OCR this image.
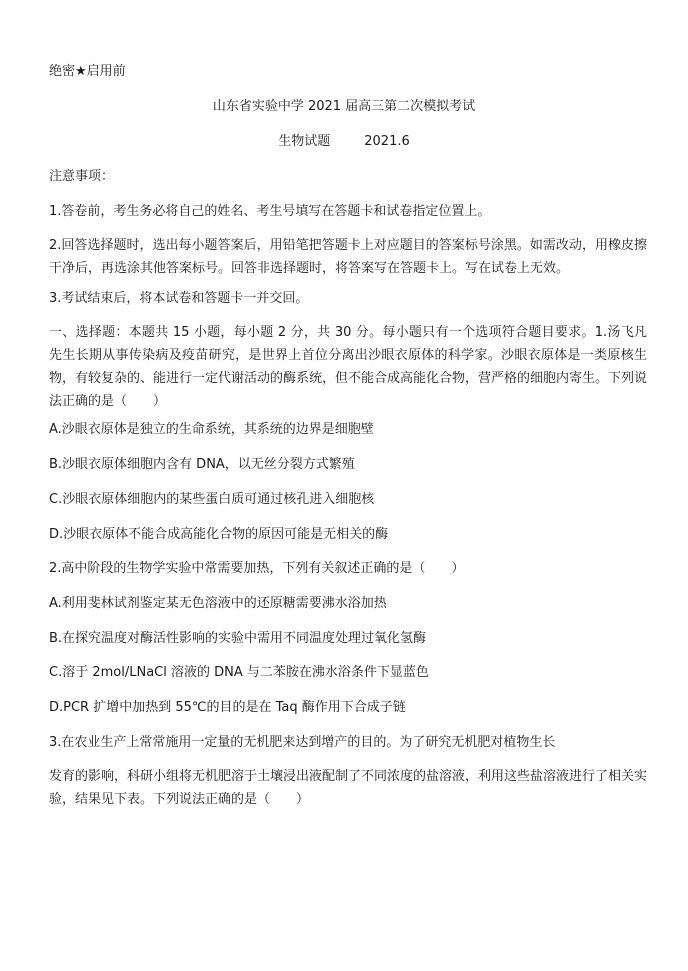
绝密★启用前
山东省实验中学 2021 届高三第二次模拟考试
生物试题	2021.6
注意事项：
1.答卷前，考生务必将自己的姓名、考生号填写在答题卡和试卷指定位置上。
2.回答选择题时，选出每小题答案后，用铅笔把答题卡上对应题目的答案标号涂黑。如需改动，用橡皮擦干净后，再选涂其他答案标号。回答非选择题时，将答案写在答题卡上。写在试卷上无效。
3.考试结束后，将本试卷和答题卡一并交回。
一、选择题：本题共 15 小题，每小题 2 分，共 30 分。每小题只有一个选项符合题目要求。1.汤飞凡先生长期从事传染病及疫苗研究，是世界上首位分离出沙眼衣原体的科学家。沙眼衣原体是一类原核生物，有较复杂的、能进行一定代谢活动的酶系统，但不能合成高能化合物，营严格的细胞内寄生。下列说法正确的是（　　）
A.沙眼衣原体是独立的生命系统，其系统的边界是细胞壁
B.沙眼衣原体细胞内含有 DNA，以无丝分裂方式繁殖
C.沙眼衣原体细胞内的某些蛋白质可通过核孔进入细胞核
D.沙眼衣原体不能合成高能化合物的原因可能是无相关的酶
2.高中阶段的生物学实验中常需要加热，下列有关叙述正确的是（　　）
A.利用斐林试剂鉴定某无色溶液中的还原糖需要沸水浴加热
B.在探究温度对酶活性影响的实验中需用不同温度处理过氧化氢酶
C.溶于 2mol/LNaCl 溶液的 DNA 与二苯胺在沸水浴条件下显蓝色
D.PCR 扩增中加热到 55℃的目的是在 Taq 酶作用下合成子链
3.在农业生产上常常施用一定量的无机肥来达到增产的目的。为了研究无机肥对植物生长
发育的影响，科研小组将无机肥溶于土壤浸出液配制了不同浓度的盐溶液，利用这些盐溶液进行了相关实验，结果见下表。下列说法正确的是（　　）
